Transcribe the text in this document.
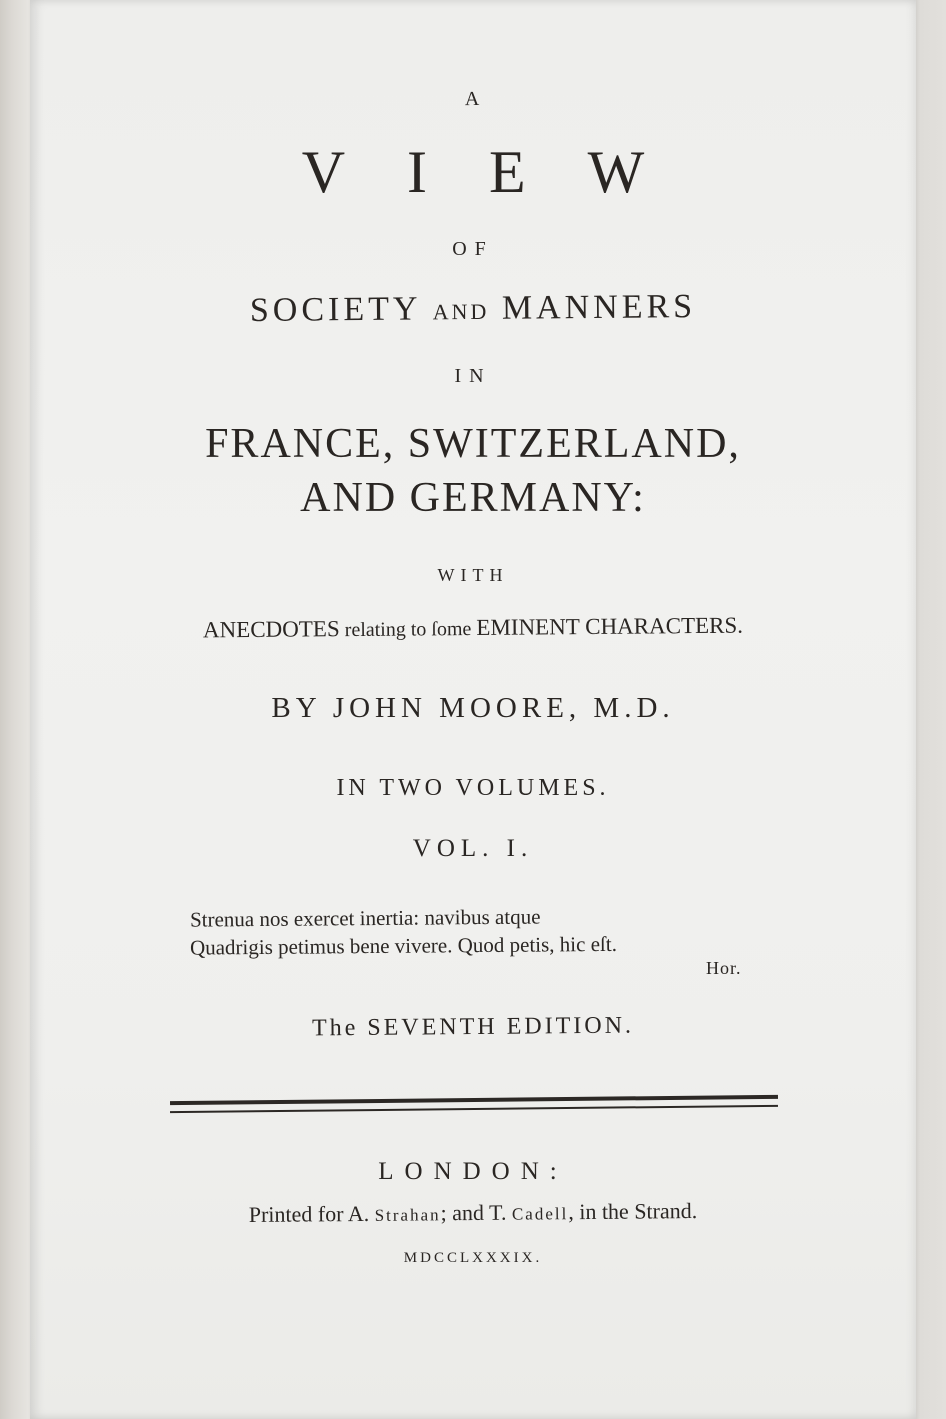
A
VIEW
OF
SOCIETY AND MANNERS
IN
FRANCE, SWITZERLAND,
AND GERMANY:
WITH
ANECDOTES relating to ſome EMINENT CHARACTERS.
BY JOHN MOORE, M.D.
IN TWO VOLUMES.
VOL. I.
Strenua nos exercet inertia: navibus atque
Quadrigis petimus bene vivere. Quod petis, hic eſt.
Hor.
The SEVENTH EDITION.
LONDON:
Printed for A. Strahan; and T. Cadell, in the Strand.
MDCCLXXXIX.
